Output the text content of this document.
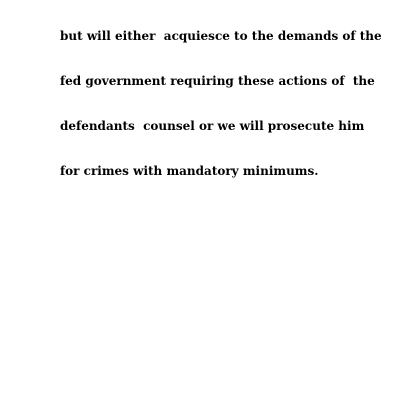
but will either  acquiesce to the demands of the

fed government requiring these actions of  the

defendants  counsel or we will prosecute him

for crimes with mandatory minimums.
